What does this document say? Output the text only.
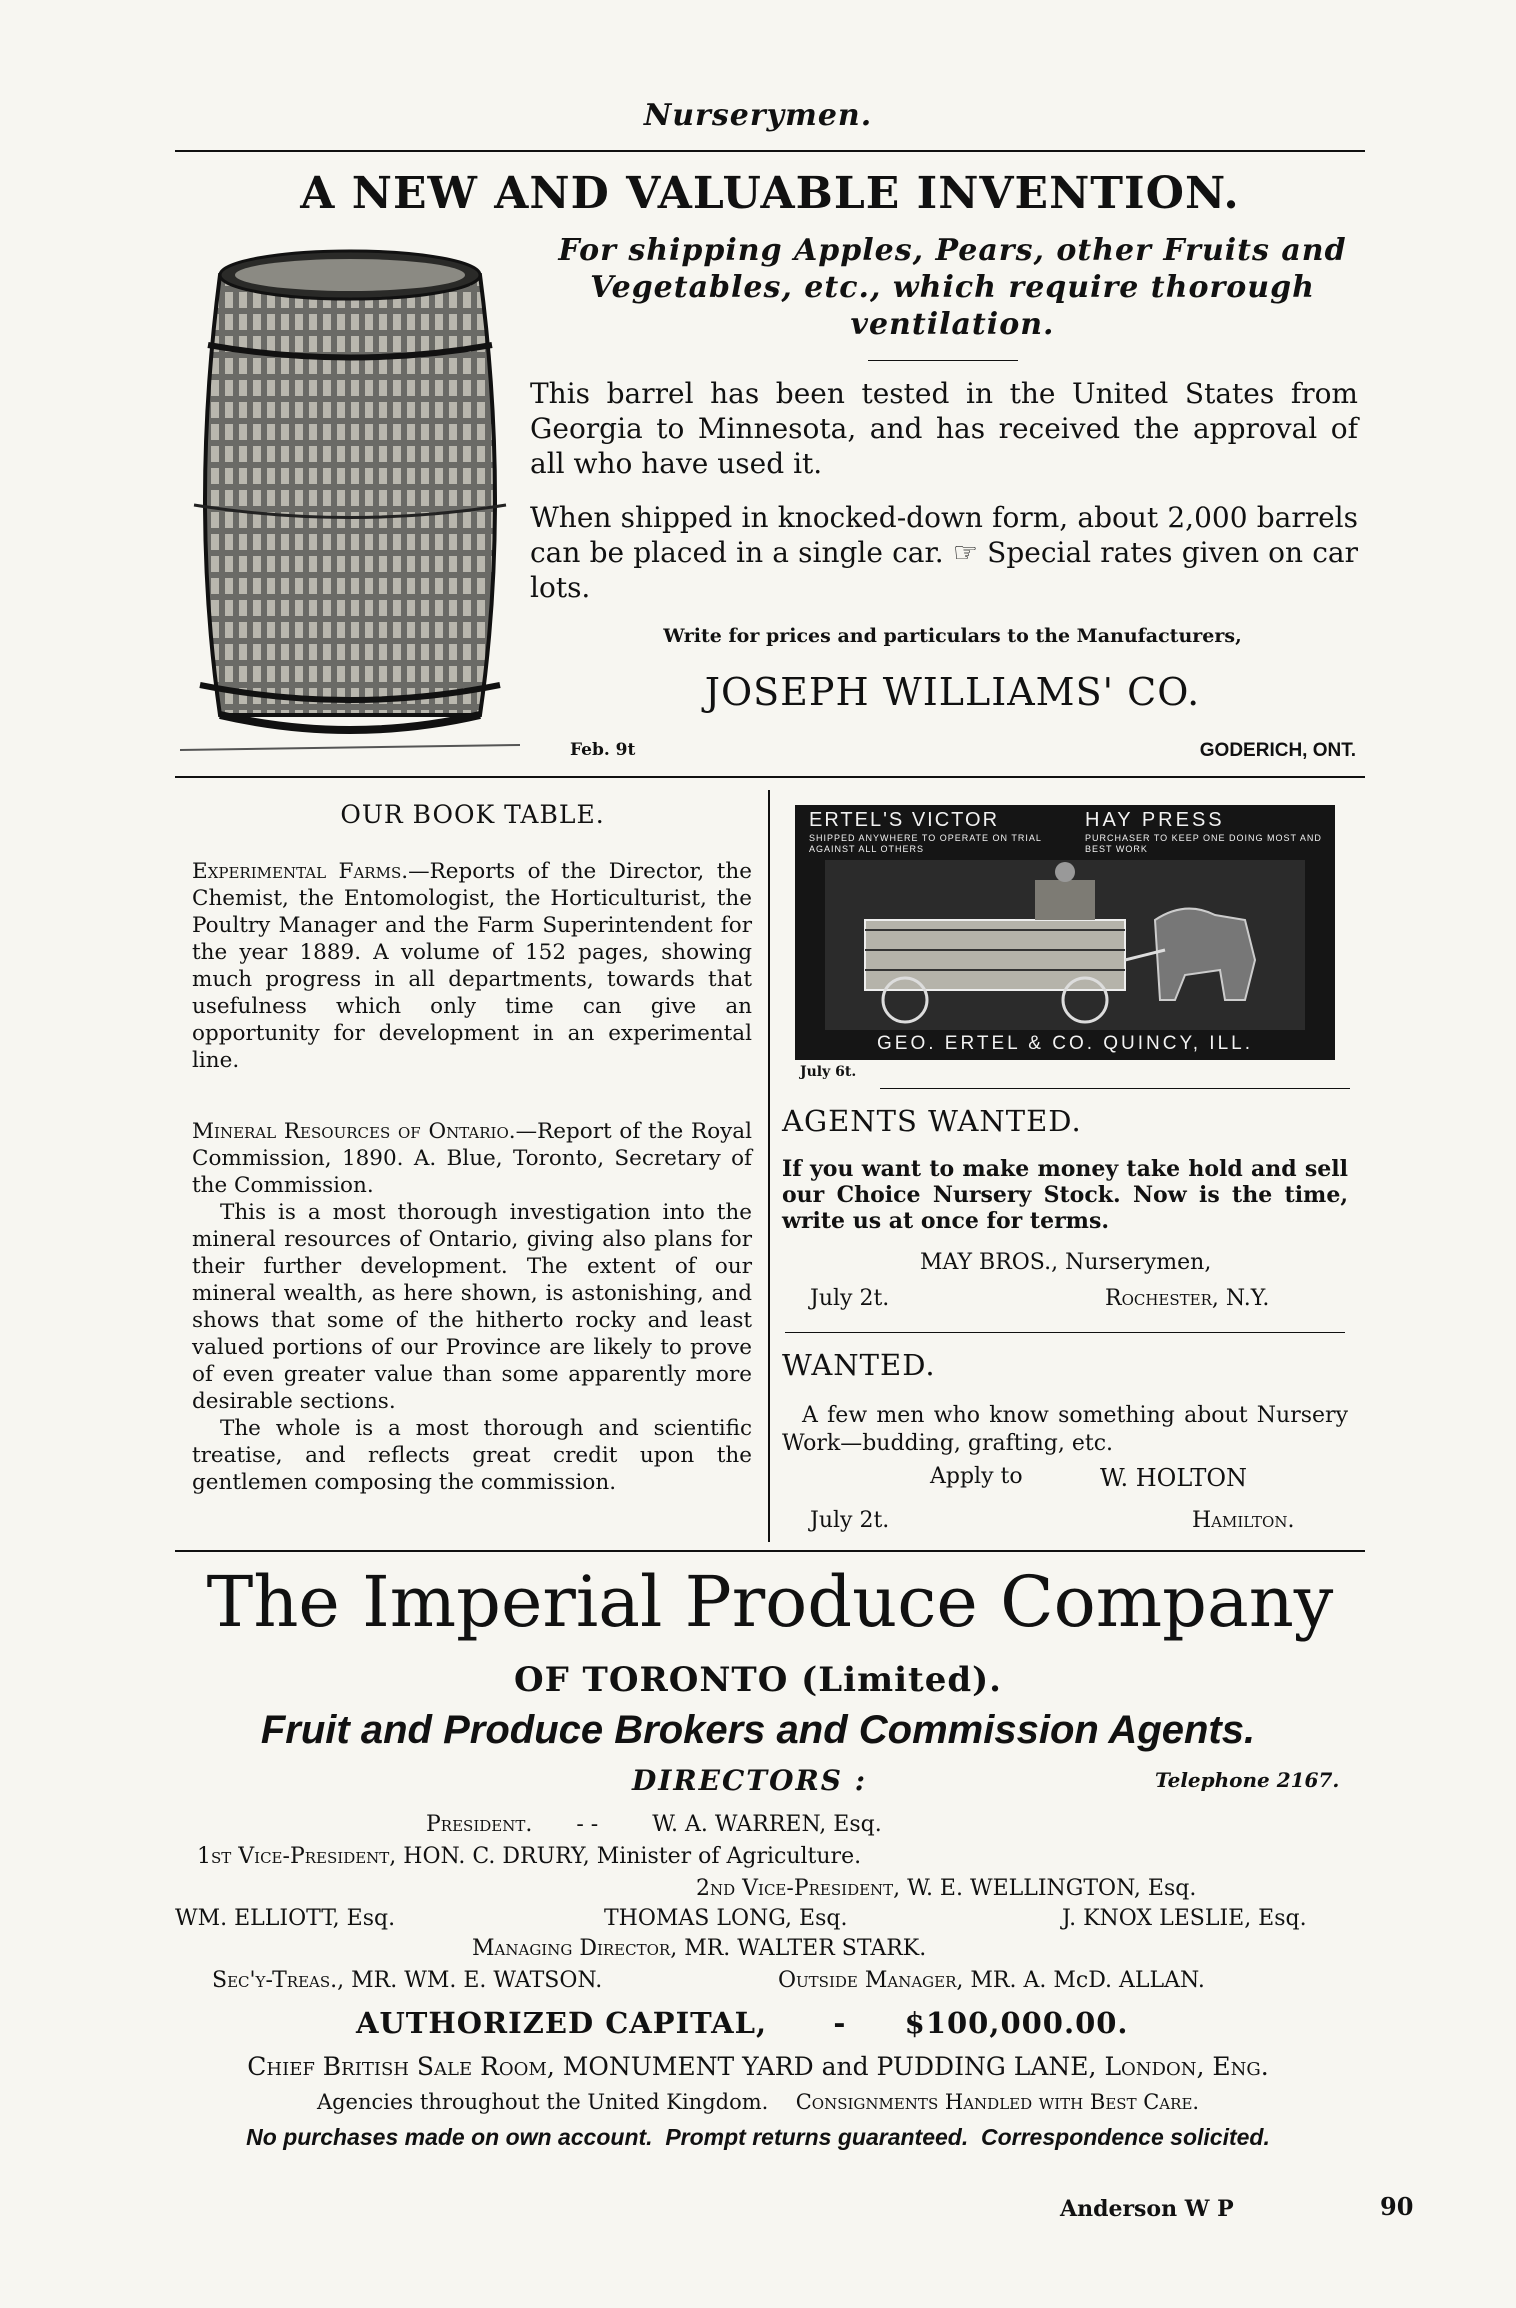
Nurserymen.
A NEW AND VALUABLE INVENTION.
For shipping Apples, Pears, other Fruits and Vegetables, etc., which require thorough ventilation.
This barrel has been tested in the United States from Georgia to Minnesota, and has received the approval of all who have used it.
When shipped in knocked-down form, about 2,000 barrels can be placed in a single car. ☞ Special rates given on car lots.
Write for prices and particulars to the Manufacturers,
JOSEPH WILLIAMS' CO.
Feb. 9t	GODERICH, ONT.
OUR BOOK TABLE.

Experimental Farms.—Reports of the Director, the Chemist, the Entomologist, the Horticulturist, the Poultry Manager and the Farm Superintendent for the year 1889. A volume of 152 pages, showing much progress in all departments, towards that usefulness which only time can give an opportunity for development in an experimental line.

Mineral Resources of Ontario.—Report of the Royal Commission, 1890. A. Blue, Toronto, Secretary of the Commission.

This is a most thorough investigation into the mineral resources of Ontario, giving also plans for their further development. The extent of our mineral wealth, as here shown, is astonishing, and shows that some of the hitherto rocky and least valued portions of our Province are likely to prove of even greater value than some apparently more desirable sections.

The whole is a most thorough and scientific treatise, and reflects great credit upon the gentlemen composing the commission.

ERTEL'S VICTOR	HAY PRESS
SHIPPED ANYWHERE TO OPERATE ON TRIAL AGAINST ALL OTHERS
PURCHASER TO KEEP ONE DOING MOST AND BEST WORK
GEO. ERTEL & CO. QUINCY, ILL.
July 6t.
AGENTS WANTED.
If you want to make money take hold and sell our Choice Nursery Stock. Now is the time, write us at once for terms.
MAY BROS., Nurserymen,
July 2t.	Rochester, N.Y.
WANTED.
A few men who know something about Nursery Work—budding, grafting, etc.
Apply to	W. HOLTON
July 2t.	Hamilton.
The Imperial Produce Company
OF TORONTO (Limited).
Fruit and Produce Brokers and Commission Agents.
DIRECTORS :	Telephone 2167.
President. - - W. A. WARREN, Esq.
1st Vice-President, HON. C. DRURY, Minister of Agriculture.
2nd Vice-President, W. E. WELLINGTON, Esq.
WM. ELLIOTT, Esq.	THOMAS LONG, Esq.	J. KNOX LESLIE, Esq.
Managing Director, MR. WALTER STARK.
Sec'y-Treas., MR. WM. E. WATSON.	Outside Manager, MR. A. McD. ALLAN.
AUTHORIZED CAPITAL, - $100,000.00.
Chief British Sale Room, MONUMENT YARD and PUDDING LANE, London, Eng.
Agencies throughout the United Kingdom. Consignments Handled with Best Care.
No purchases made on own account.  Prompt returns guaranteed.  Correspondence solicited.
Anderson W P	90
